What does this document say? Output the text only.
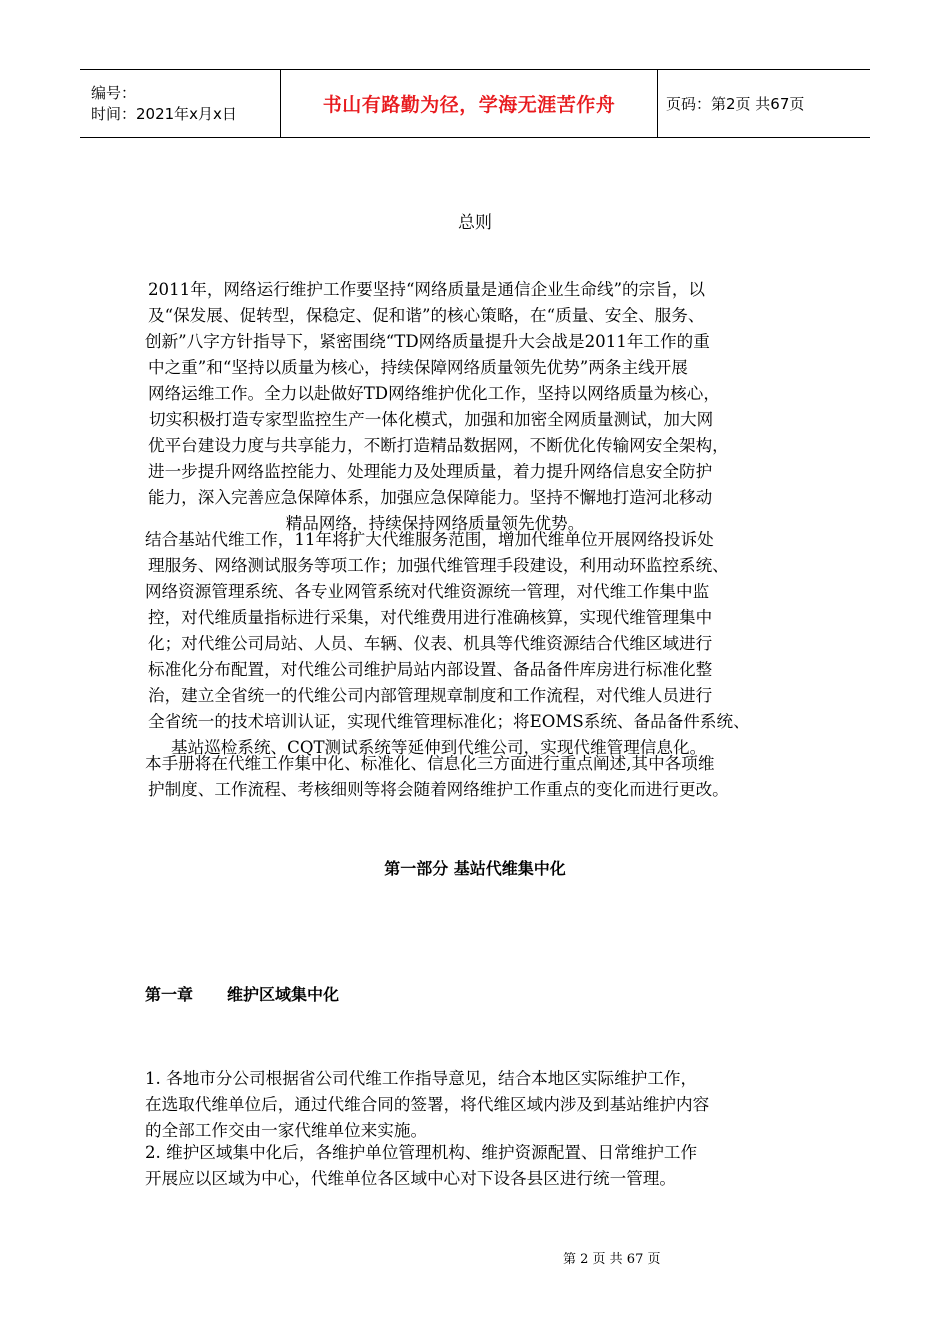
编号：
时间：2021年x月x日	书山有路勤为径，学海无涯苦作舟	页码：第2页 共67页
总则
2011年，网络运行维护工作要坚持“网络质量是通信企业生命线”的宗旨，以
及“保发展、促转型，保稳定、促和谐”的核心策略，在“质量、安全、服务、
创新”八字方针指导下，紧密围绕“TD网络质量提升大会战是2011年工作的重
中之重”和“坚持以质量为核心，持续保障网络质量领先优势”两条主线开展
网络运维工作。全力以赴做好TD网络维护优化工作，坚持以网络质量为核心，
切实积极打造专家型监控生产一体化模式，加强和加密全网质量测试，加大网
优平台建设力度与共享能力，不断打造精品数据网，不断优化传输网安全架构，
进一步提升网络监控能力、处理能力及处理质量，着力提升网络信息安全防护
能力，深入完善应急保障体系，加强应急保障能力。坚持不懈地打造河北移动
精品网络，持续保持网络质量领先优势。
结合基站代维工作，11年将扩大代维服务范围，增加代维单位开展网络投诉处
理服务、网络测试服务等项工作；加强代维管理手段建设，利用动环监控系统、
网络资源管理系统、各专业网管系统对代维资源统一管理，对代维工作集中监
控，对代维质量指标进行采集，对代维费用进行准确核算，实现代维管理集中
化；对代维公司局站、人员、车辆、仪表、机具等代维资源结合代维区域进行
标准化分布配置，对代维公司维护局站内部设置、备品备件库房进行标准化整
治，建立全省统一的代维公司内部管理规章制度和工作流程，对代维人员进行
全省统一的技术培训认证，实现代维管理标准化；将EOMS系统、备品备件系统、
基站巡检系统、CQT测试系统等延伸到代维公司，实现代维管理信息化。
本手册将在代维工作集中化、标准化、信息化三方面进行重点阐述,其中各项维
护制度、工作流程、考核细则等将会随着网络维护工作重点的变化而进行更改。
第一部分 基站代维集中化
第一章 维护区域集中化
1. 各地市分公司根据省公司代维工作指导意见，结合本地区实际维护工作，
在选取代维单位后，通过代维合同的签署，将代维区域内涉及到基站维护内容
的全部工作交由一家代维单位来实施。
2. 维护区域集中化后，各维护单位管理机构、维护资源配置、日常维护工作
开展应以区域为中心，代维单位各区域中心对下设各县区进行统一管理。
第 2 页 共 67 页
